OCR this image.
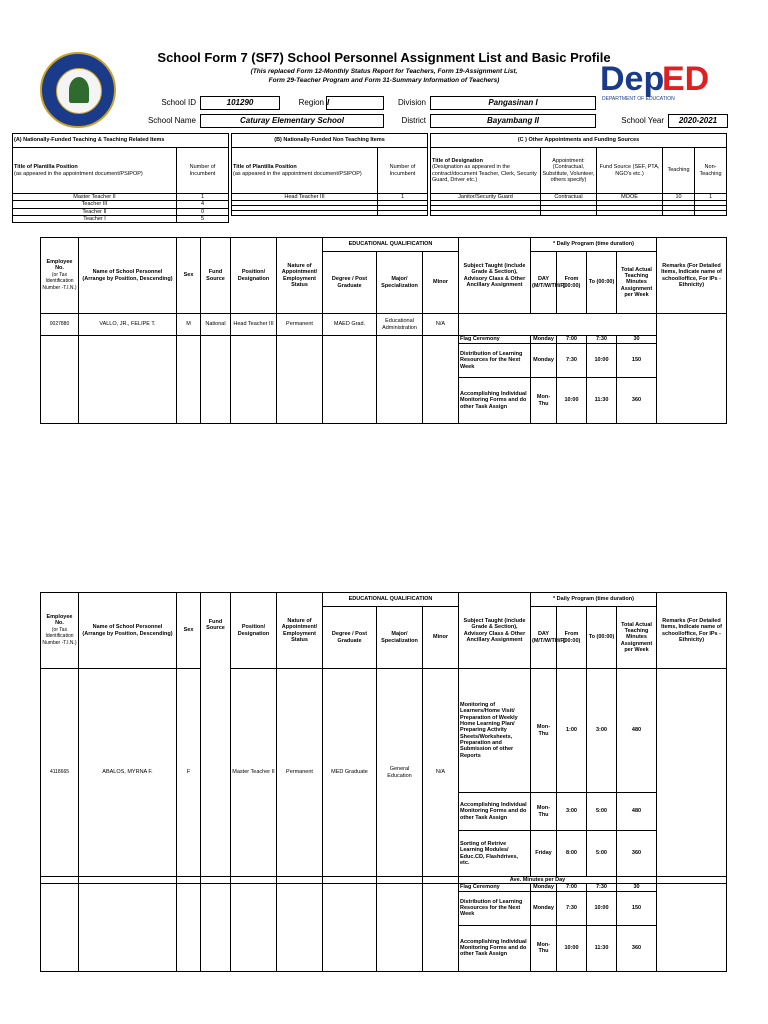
School Form 7 (SF7) School Personnel Assignment List and Basic Profile
(This replaced Form 12-Monthly Status Report for Teachers, Form 19-Assignment List,
Form 29-Teacher Program and Form 31-Summary Information of Teachers)	Dep
ED
DEPARTMENT OF EDUCATION
School ID	101290	Region I	Division	Pangasinan I
School Name	Caturay Elementary School	District	Bayambang II	School Year	2020-2021
(A) Nationally-Funded Teaching & Teaching Related Items	
Title of Plantilla Position
(as appeared in the appointment document/PSIPOP)	Number of Incumbent
Master Teacher II	1
Teacher III	4
Teacher II	0
Teacher I	5
(B) Nationally-Funded Non Teaching Items	
Title of Plantilla Position
(as appeared in the appointment document/PSIPOP)	Number of Incumbent
Head Teacher III	1

(C ) Other Appointments and Funding Sources				
Title of Designation
(Designation as appeared in the contract/document Teacher, Clerk, Security Guard, Driver etc.)	Appointment: (Contractual, Substitute, Volunteer, others specify)	Fund Source (SEF, PTA, NGO's etc.)	Teaching	Non-Teaching
Janitor/Security Guard	Contractual	MOOE	10	1

Employee No.
(or Tax Identification Number -T.I.N.)	Name of School Personnel
(Arrange by Position, Descending)	Sex	Fund Source	Position/ Designation	Nature of Appointment/ Employment Status	EDUCATIONAL QUALIFICATION			Subject Taught (include Grade & Section), Advisory Class & Other Ancillary Assignment	* Daily Program (time duration)				Remarks (For Detailed Items, Indicate name of school/office, For IPs -Ethnicity)
						Degree / Post Graduate	Major/ Specialization	Minor		DAY (M/T/W/TH/F)	From (00:00)	To (00:00)	Total Actual Teaching Minutes Assignment per Week	
0027880	VALLO, JR., FELIPE T.	M	National	Head Teacher III	Permanent	MAED Grad.	Educational Administration	N/A						
									Flag Ceremony	Monday	7:00	7:30	30	
									Distribution of Learning Resources for the Next Week	Monday	7:30	10:00	150	
									Accomplishing Individual Monitoring Forms and do other Task Assign	Mon-Thu	10:00	11:30	360	
Employee No.
(or Tax Identification Number -T.I.N.)	Name of School Personnel
(Arrange by Position, Descending)	Sex	Fund Source	Position/ Designation	Nature of Appointment/ Employment Status	EDUCATIONAL QUALIFICATION			Subject Taught (include Grade & Section), Advisory Class & Other Ancillary Assignment	* Daily Program (time duration)				Remarks (For Detailed Items, Indicate name of school/office, For IPs -Ethnicity)
						Degree / Post Graduate	Major/ Specialization	Minor		DAY (M/T/W/TH/F)	From (00:00)	To (00:00)	Total Actual Teaching Minutes Assignment per Week	
4118665	ABALOS, MYRNA F.	F		Master Teacher II	Permanent	MED Graduate	General Education	N/A	Monitoring of Learners/Home Visit/ Preparation of Weekly Home Learning Plan/ Preparing Activity Sheets/Worksheets, Preparation and Submission of other Reports	Mon-Thu	1:00	3:00	480	
									Accomplishing Individual Monitoring Forms and do other Task Assign	Mon-Thu	3:00	5:00	480	
									Sorting of Retrive Learning Modules/ Educ.CD, Flashdrives, etc.	Friday	8:00	5:00	360	
									Ave. Minutes per Day					
									Flag Ceremony	Monday	7:00	7:30	30	
									Distribution of Learning Resources for the Next Week	Monday	7:30	10:00	150	
									Accomplishing Individual Monitoring Forms and do other Task Assign	Mon-Thu	10:00	11:30	360	
